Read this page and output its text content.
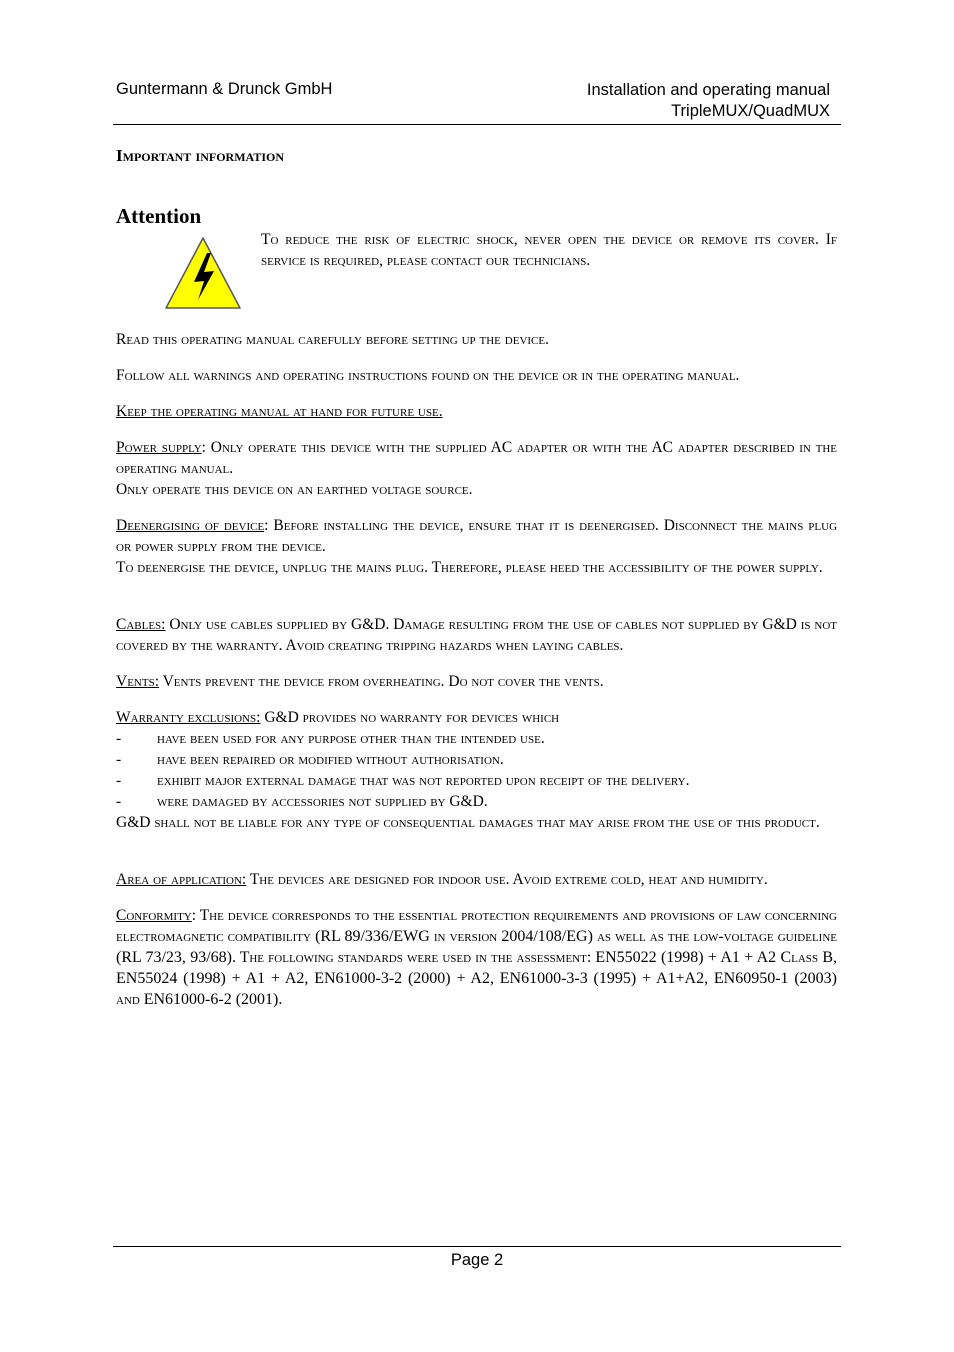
Guntermann & Drunck GmbH	Installation and operating manual
TripleMUX/QuadMUX
Important information
Attention
To reduce the risk of electric shock, never open the device or remove its cover. If service is required, please contact our technicians.

Read this operating manual carefully before setting up the device.

Follow all warnings and operating instructions found on the device or in the operating manual.

Keep the operating manual at hand for future use.

Power supply: Only operate this device with the supplied AC adapter or with the AC adapter described in the operating manual.

Only operate this device on an earthed voltage source.

Deenergising of device: Before installing the device, ensure that it is deenergised. Disconnect the mains plug or power supply from the device.

To deenergise the device, unplug the mains plug. Therefore, please heed the accessibility of the power supply.

Cables: Only use cables supplied by G&D. Damage resulting from the use of cables not supplied by G&D is not covered by the warranty. Avoid creating tripping hazards when laying cables.

Vents: Vents prevent the device from overheating. Do not cover the vents.

Warranty exclusions: G&D provides no warranty for devices which

-	have been used for any purpose other than the intended use.
-	have been repaired or modified without authorisation.
-	exhibit major external damage that was not reported upon receipt of the delivery.
-	were damaged by accessories not supplied by G&D.

G&D shall not be liable for any type of consequential damages that may arise from the use of this product.

Area of application: The devices are designed for indoor use. Avoid extreme cold, heat and humidity.

Conformity: The device corresponds to the essential protection requirements and provisions of law concerning electromagnetic compatibility (RL 89/336/EWG in version 2004/108/EG) as well as the low-voltage guideline (RL 73/23, 93/68). The following standards were used in the assessment: EN55022 (1998) + A1 + A2 Class B, EN55024 (1998) + A1 + A2, EN61000-3-2 (2000) + A2, EN61000-3-3 (1995) + A1+A2, EN60950-1 (2003) and EN61000-6-2 (2001).

Page 2
